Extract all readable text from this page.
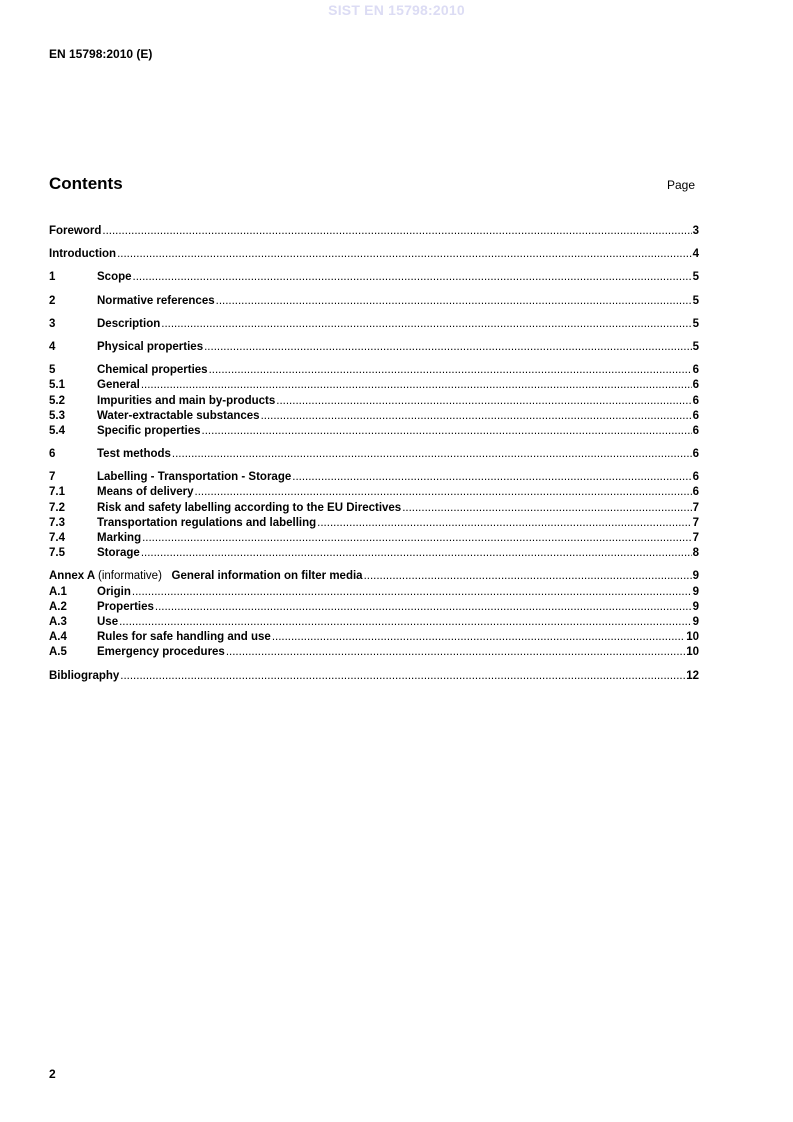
SIST EN 15798:2010
EN 15798:2010 (E)
Contents	Page
Foreword .....	3
Introduction .....	4
1	Scope .....	5
2	Normative references .....	5
3	Description .....	5
4	Physical properties .....	5
5	Chemical properties .....	6
5.1	General .....	6
5.2	Impurities and main by-products .....	6
5.3	Water-extractable substances .....	6
5.4	Specific properties .....	6
6	Test methods .....	6
7	Labelling - Transportation - Storage .....	6
7.1	Means of delivery .....	6
7.2	Risk and safety labelling according to the EU Directives .....	7
7.3	Transportation regulations and labelling .....	7
7.4	Marking .....	7
7.5	Storage .....	8
Annex A (informative) General information on filter media .....	9
A.1	Origin .....	9
A.2	Properties .....	9
A.3	Use .....	9
A.4	Rules for safe handling and use .....	10
A.5	Emergency procedures .....	10
Bibliography .....	12
2
